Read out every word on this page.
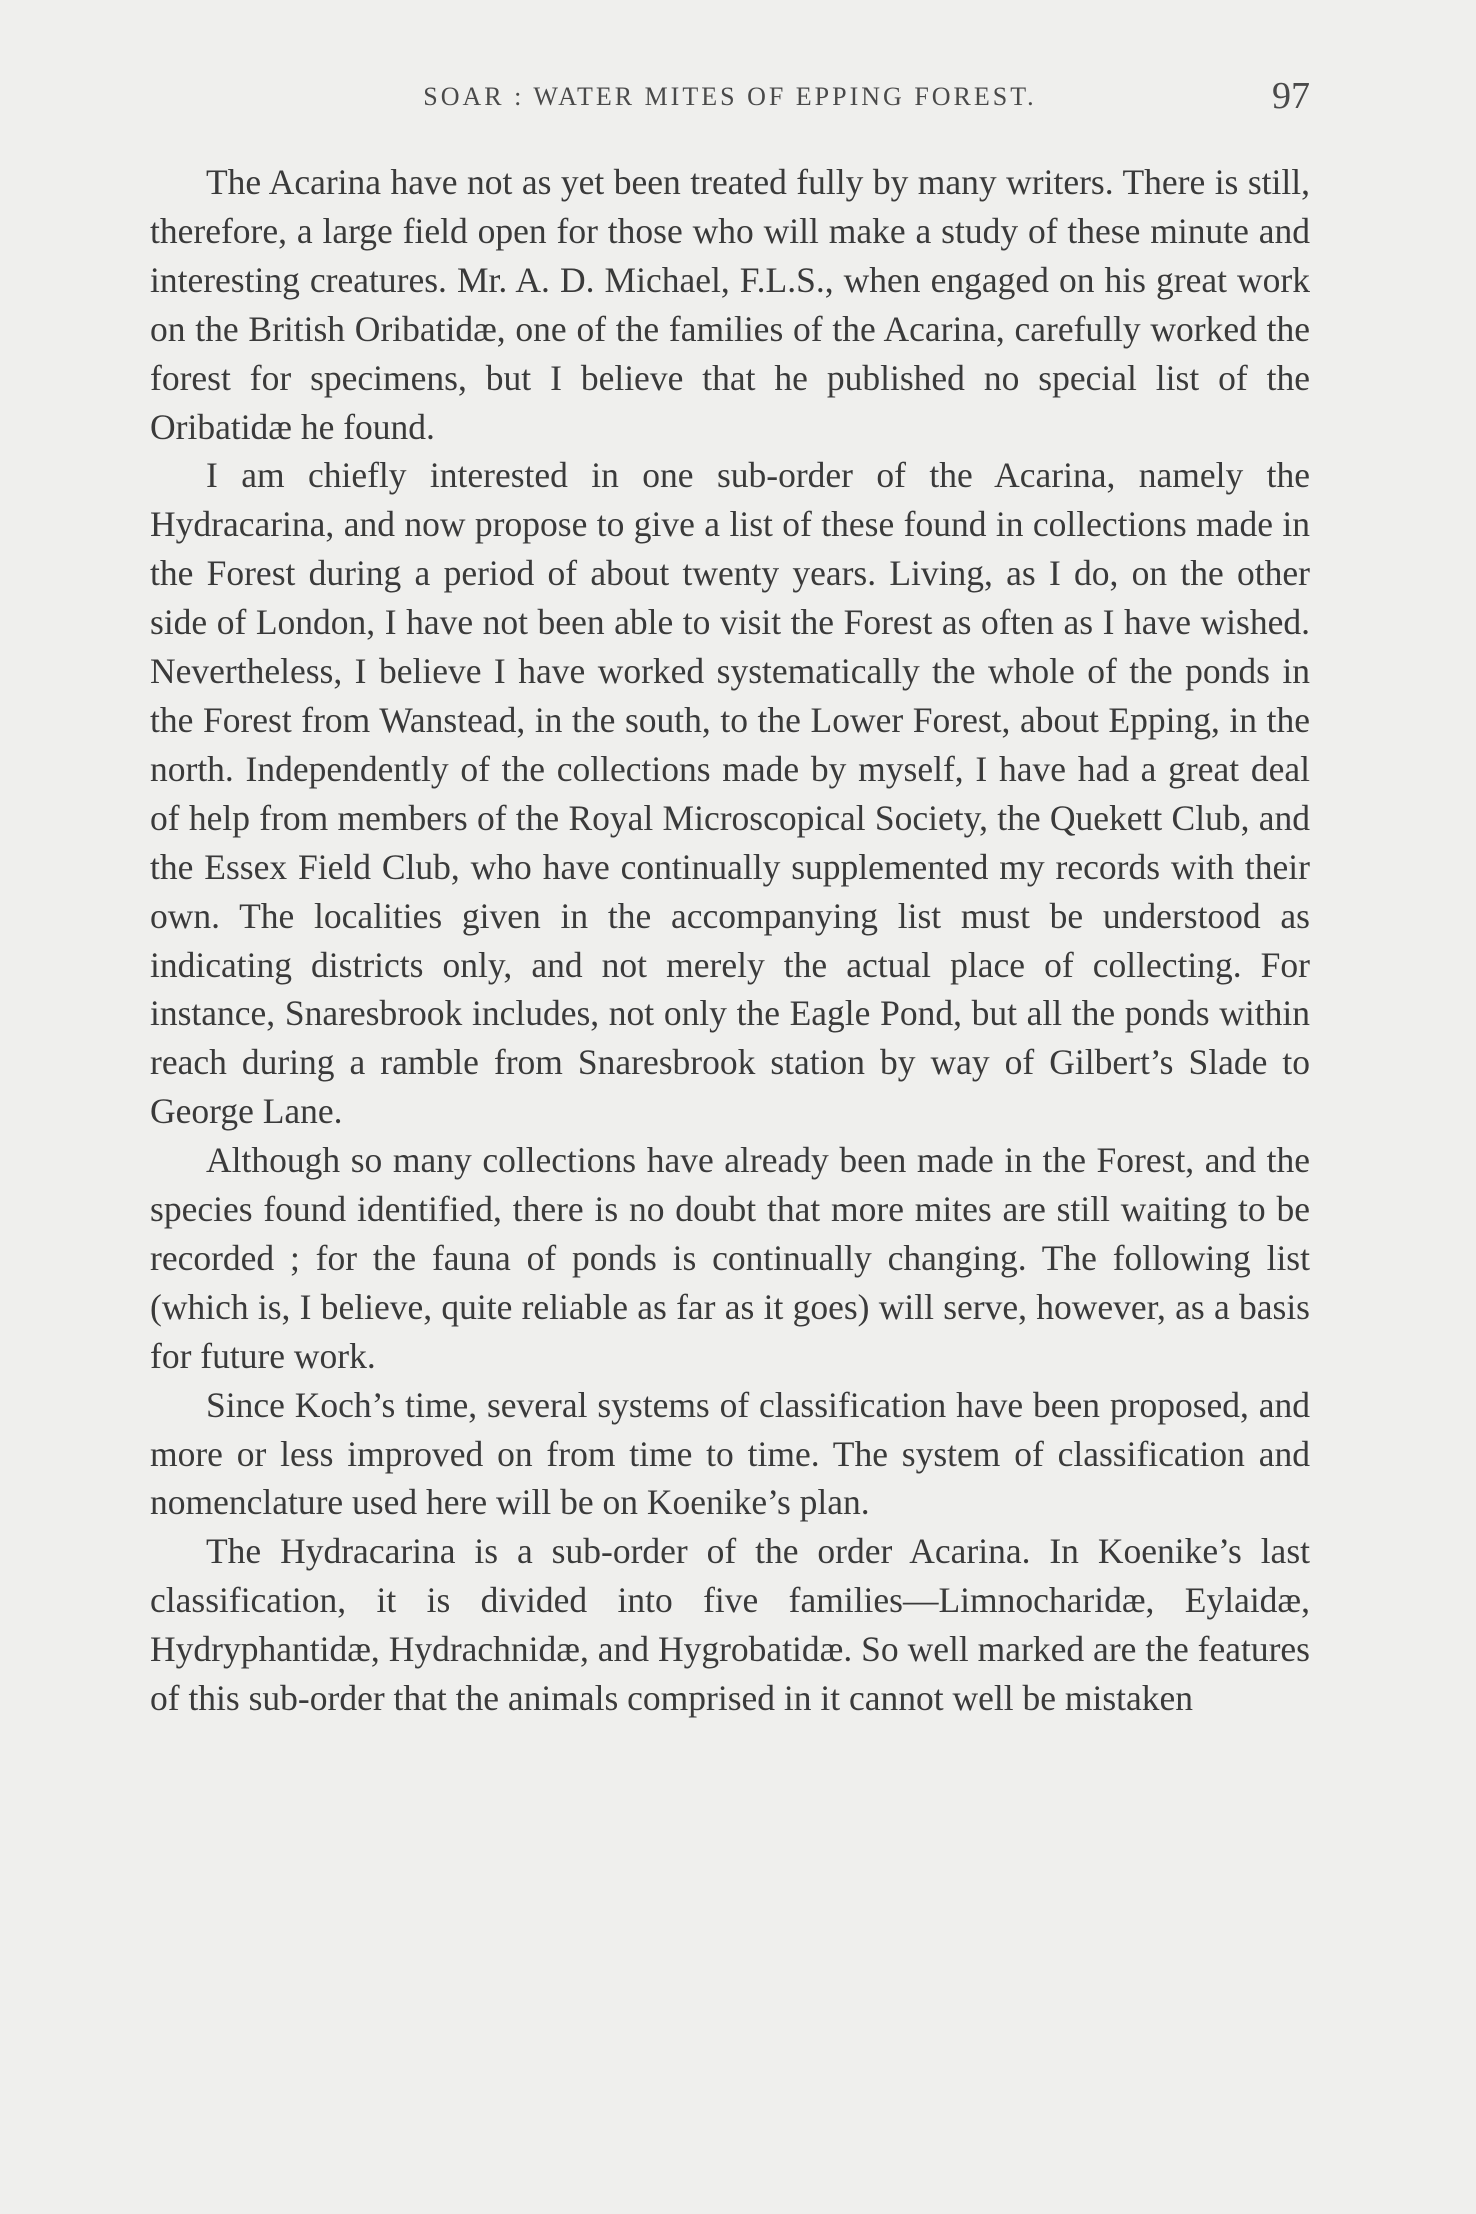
SOAR : WATER MITES OF EPPING FOREST.	97

The Acarina have not as yet been treated fully by many writers. There is still, therefore, a large field open for those who will make a study of these minute and interesting creatures. Mr. A. D. Michael, F.L.S., when engaged on his great work on the British Oribatidæ, one of the families of the Acarina, carefully worked the forest for specimens, but I believe that he published no special list of the Oribatidæ he found.

I am chiefly interested in one sub-order of the Acarina, namely the Hydracarina, and now propose to give a list of these found in collections made in the Forest during a period of about twenty years. Living, as I do, on the other side of London, I have not been able to visit the Forest as often as I have wished. Nevertheless, I believe I have worked systematically the whole of the ponds in the Forest from Wanstead, in the south, to the Lower Forest, about Epping, in the north. Independently of the collections made by myself, I have had a great deal of help from members of the Royal Microscopical Society, the Quekett Club, and the Essex Field Club, who have continually supplemented my records with their own. The localities given in the accompanying list must be understood as indicating districts only, and not merely the actual place of collecting. For instance, Snaresbrook includes, not only the Eagle Pond, but all the ponds within reach during a ramble from Snaresbrook station by way of Gilbert’s Slade to George Lane.

Although so many collections have already been made in the Forest, and the species found identified, there is no doubt that more mites are still waiting to be recorded ; for the fauna of ponds is continually changing. The following list (which is, I believe, quite reliable as far as it goes) will serve, however, as a basis for future work.

Since Koch’s time, several systems of classification have been proposed, and more or less improved on from time to time. The system of classification and nomenclature used here will be on Koenike’s plan.

The Hydracarina is a sub-order of the order Acarina. In Koenike’s last classification, it is divided into five families—Limnocharidæ, Eylaidæ, Hydryphantidæ, Hydrachnidæ, and Hygrobatidæ. So well marked are the features of this sub-order that the animals comprised in it cannot well be mistaken
